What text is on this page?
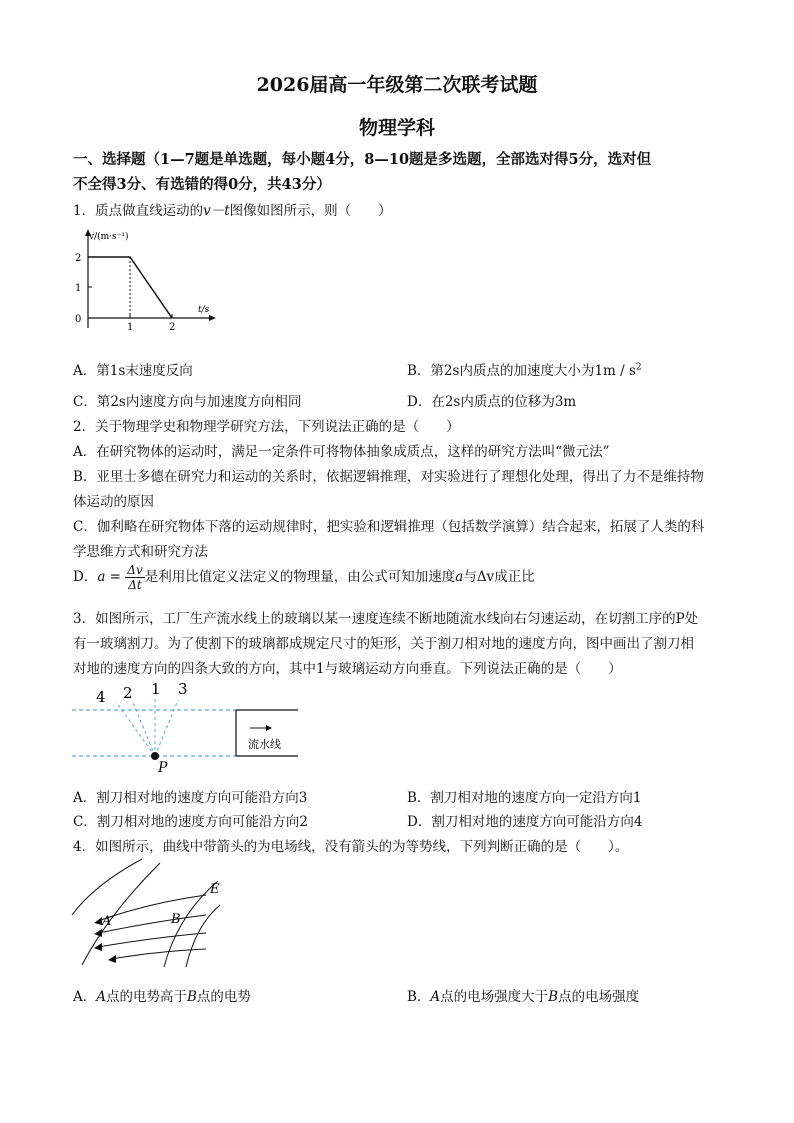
2026届高一年级第二次联考试题
物理学科
一、选择题（1—7题是单选题，每小题4分，8—10题是多选题，全部选对得5分，选对但
不全得3分、有选错的得0分，共43分）
1．质点做直线运动的v－t图像如图所示，则（　　）
v/(m·s⁻¹)
t/s
2
1
0
1	2
A．第1s末速度反向	B．第2s内质点的加速度大小为$1m / s^2$
C．第2s内速度方向与加速度方向相同	D．在2s内质点的位移为3m
2．关于物理学史和物理学研究方法，下列说法正确的是（　　）
A．在研究物体的运动时，满足一定条件可将物体抽象成质点，这样的研究方法叫“微元法”
B．亚里士多德在研究力和运动的关系时，依据逻辑推理，对实验进行了理想化处理，得出了力不是维持物
体运动的原因
C．伽利略在研究物体下落的运动规律时，把实验和逻辑推理（包括数学演算）结合起来，拓展了人类的科
学思维方式和研究方法
D．$a = \frac{\Delta v}{\Delta t}$ 是利用比值定义法定义的物理量，由公式可知加速度a与Δv成正比
3．如图所示，工厂生产流水线上的玻璃以某一速度连续不断地随流水线向右匀速运动，在切割工序的P处
有一玻璃割刀。为了使割下的玻璃都成规定尺寸的矩形，关于割刀相对地的速度方向，图中画出了割刀相
对地的速度方向的四条大致的方向，其中1与玻璃运动方向垂直。下列说法正确的是（　　）
4 2 1 3
P
流水线
A．割刀相对地的速度方向可能沿方向3	B．割刀相对地的速度方向一定沿方向1
C．割刀相对地的速度方向可能沿方向2	D．割刀相对地的速度方向可能沿方向4
4．如图所示，曲线中带箭头的为电场线，没有箭头的为等势线，下列判断正确的是（　　）。
E
A	B
A．A点的电势高于B点的电势	B．A点的电场强度大于B点的电场强度
